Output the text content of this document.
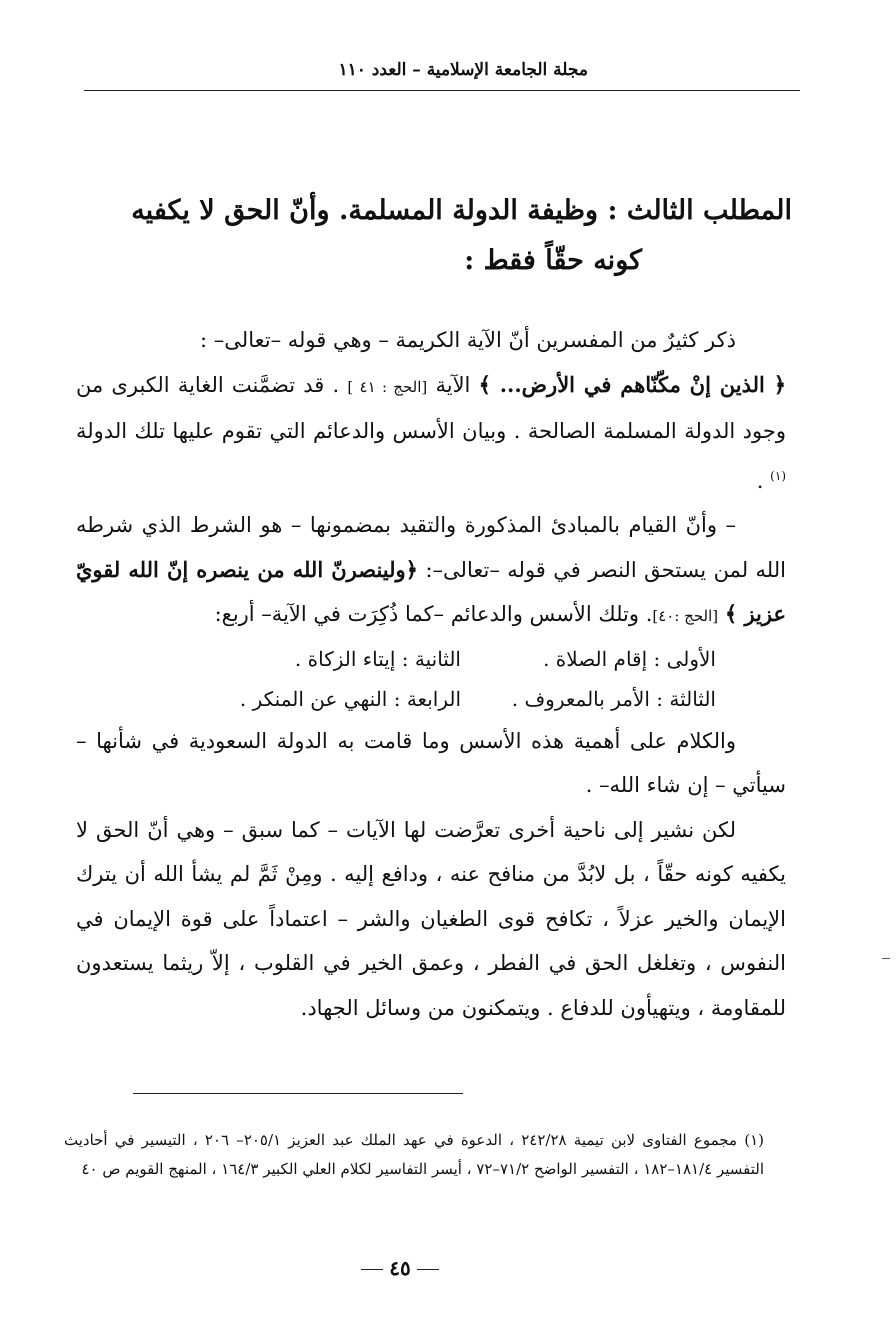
مجلة الجامعة الإسلامية – العدد ١١٠
المطلب الثالث : وظيفة الدولة المسلمة. وأنّ الحق لا يكفيه
كونه حقّاً فقط :

ذكر كثيرٌ من المفسرين أنّ الآية الكريمة – وهي قوله –تعالى– :
﴿ الذين إنْ مكّنّاهم في الأرض... ﴾ الآية [الحج : ٤١ ] . قد تضمَّنت الغاية الكبرى من وجود الدولة المسلمة الصالحة . وبيان الأسس والدعائم التي تقوم عليها تلك الدولة $^{(١)}$ .

– وأنّ القيام بالمبادئ المذكورة والتقيد بمضمونها – هو الشرط الذي شرطه الله لمن يستحق النصر في قوله –تعالى–: ﴿ولينصرنّ الله من ينصره إنّ الله لقويّ عزيز ﴾ [الحج :٤٠]. وتلك الأسس والدعائم –كما ذُكِرَت في الآية– أربع:

الأولى : إقام الصلاة .
الثانية : إيتاء الزكاة .
الثالثة : الأمر بالمعروف .
الرابعة : النهي عن المنكر .

والكلام على أهمية هذه الأسس وما قامت به الدولة السعودية في شأنها – سيأتي – إن شاء الله– .

لكن نشير إلى ناحية أخرى تعرَّضت لها الآيات – كما سبق – وهي أنّ الحق لا يكفيه كونه حقّاً ، بل لابُدَّ من منافح عنه ، ودافع إليه . ومِنْ ثَمَّ لم يشأ الله أن يترك الإيمان والخير عزلاً ، تكافح قوى الطغيان والشر – اعتماداً على قوة الإيمان في النفوس ، وتغلغل الحق في الفطر ، وعمق الخير في القلوب ، إلاّ ريثما يستعدون للمقاومة ، ويتهيأون للدفاع . ويتمكنون من وسائل الجهاد.

(١) مجموع الفتاوى لابن تيمية ٢٤٢/٢٨ ، الدعوة في عهد الملك عبد العزيز ٢٠٥/١– ٢٠٦ ، التيسير في أحاديث التفسير ١٨١/٤–١٨٢ ، التفسير الواضح ٧١/٢–٧٢ ، أيسر التفاسير لكلام العلي الكبير ١٦٤/٣ ، المنهج القويم ص ٤٠

٤٥
